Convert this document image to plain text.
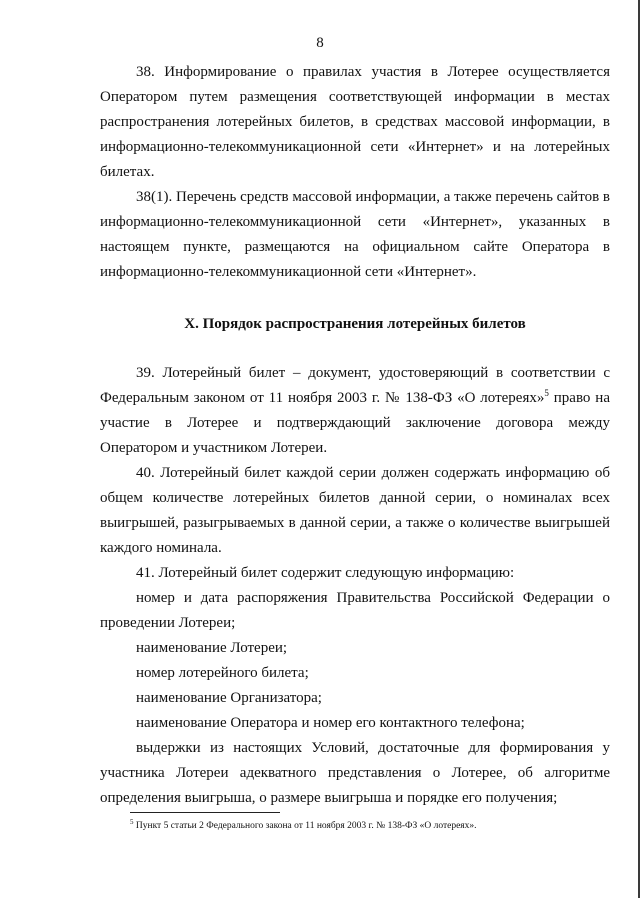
8

38. Информирование о правилах участия в Лотерее осуществляется Оператором путем размещения соответствующей информации в местах распространения лотерейных билетов, в средствах массовой информации, в информационно-телекоммуникационной сети «Интернет» и на лотерейных билетах.

38(1). Перечень средств массовой информации, а также перечень сайтов в информационно-телекоммуникационной сети «Интернет», указанных в настоящем пункте, размещаются на официальном сайте Оператора в информационно-телекоммуникационной сети «Интернет».

X. Порядок распространения лотерейных билетов

39. Лотерейный билет – документ, удостоверяющий в соответствии с Федеральным законом от 11 ноября 2003 г. № 138-ФЗ «О лотереях»$^5$ право на участие в Лотерее и подтверждающий заключение договора между Оператором и участником Лотереи.

40. Лотерейный билет каждой серии должен содержать информацию об общем количестве лотерейных билетов данной серии, о номиналах всех выигрышей, разыгрываемых в данной серии, а также о количестве выигрышей каждого номинала.

41. Лотерейный билет содержит следующую информацию:

номер и дата распоряжения Правительства Российской Федерации о проведении Лотереи;

наименование Лотереи;

номер лотерейного билета;

наименование Организатора;

наименование Оператора и номер его контактного телефона;

выдержки из настоящих Условий, достаточные для формирования у участника Лотереи адекватного представления о Лотерее, об алгоритме определения выигрыша, о размере выигрыша и порядке его получения;

$^5$ Пункт 5 статьи 2 Федерального закона от 11 ноября 2003 г. № 138-ФЗ «О лотереях».
